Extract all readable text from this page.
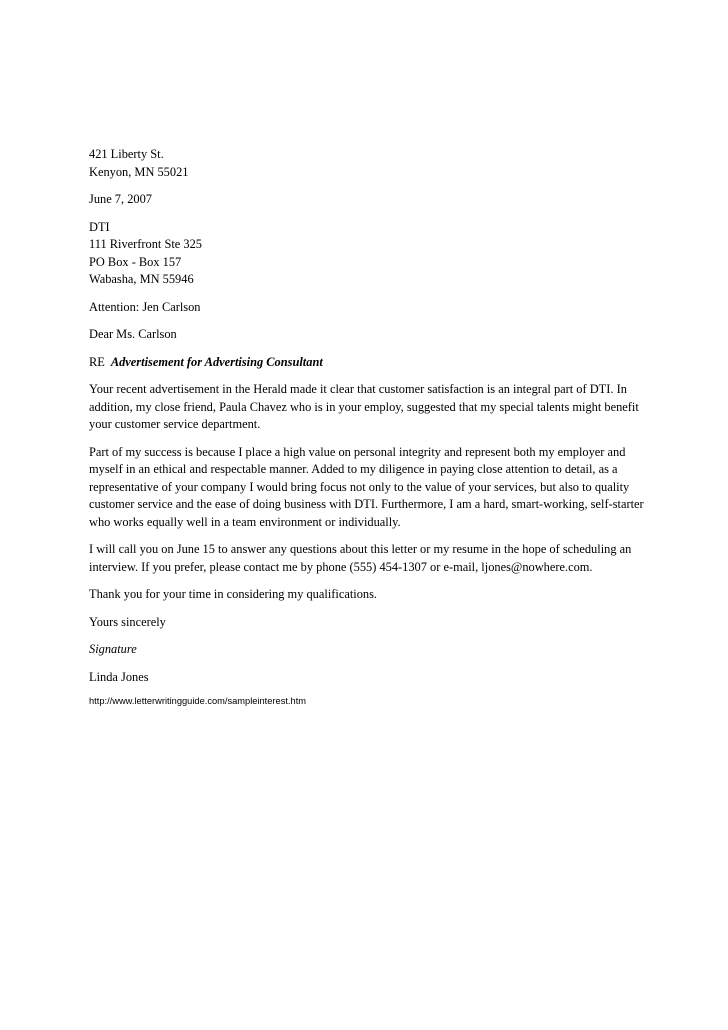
421 Liberty St.
Kenyon, MN 55021
June 7, 2007
DTI
111 Riverfront Ste 325
PO Box - Box 157
Wabasha, MN 55946
Attention: Jen Carlson
Dear Ms. Carlson
RE Advertisement for Advertising Consultant
Your recent advertisement in the Herald made it clear that customer satisfaction is an integral part of DTI. In
addition, my close friend, Paula Chavez who is in your employ, suggested that my special talents might benefit
your customer service department.
Part of my success is because I place a high value on personal integrity and represent both my employer and
myself in an ethical and respectable manner. Added to my diligence in paying close attention to detail, as a
representative of your company I would bring focus not only to the value of your services, but also to quality
customer service and the ease of doing business with DTI. Furthermore, I am a hard, smart-working, self-starter
who works equally well in a team environment or individually.
I will call you on June 15 to answer any questions about this letter or my resume in the hope of scheduling an
interview. If you prefer, please contact me by phone (555) 454-1307 or e-mail, ljones@nowhere.com.
Thank you for your time in considering my qualifications.
Yours sincerely
Signature
Linda Jones
http://www.letterwritingguide.com/sampleinterest.htm
